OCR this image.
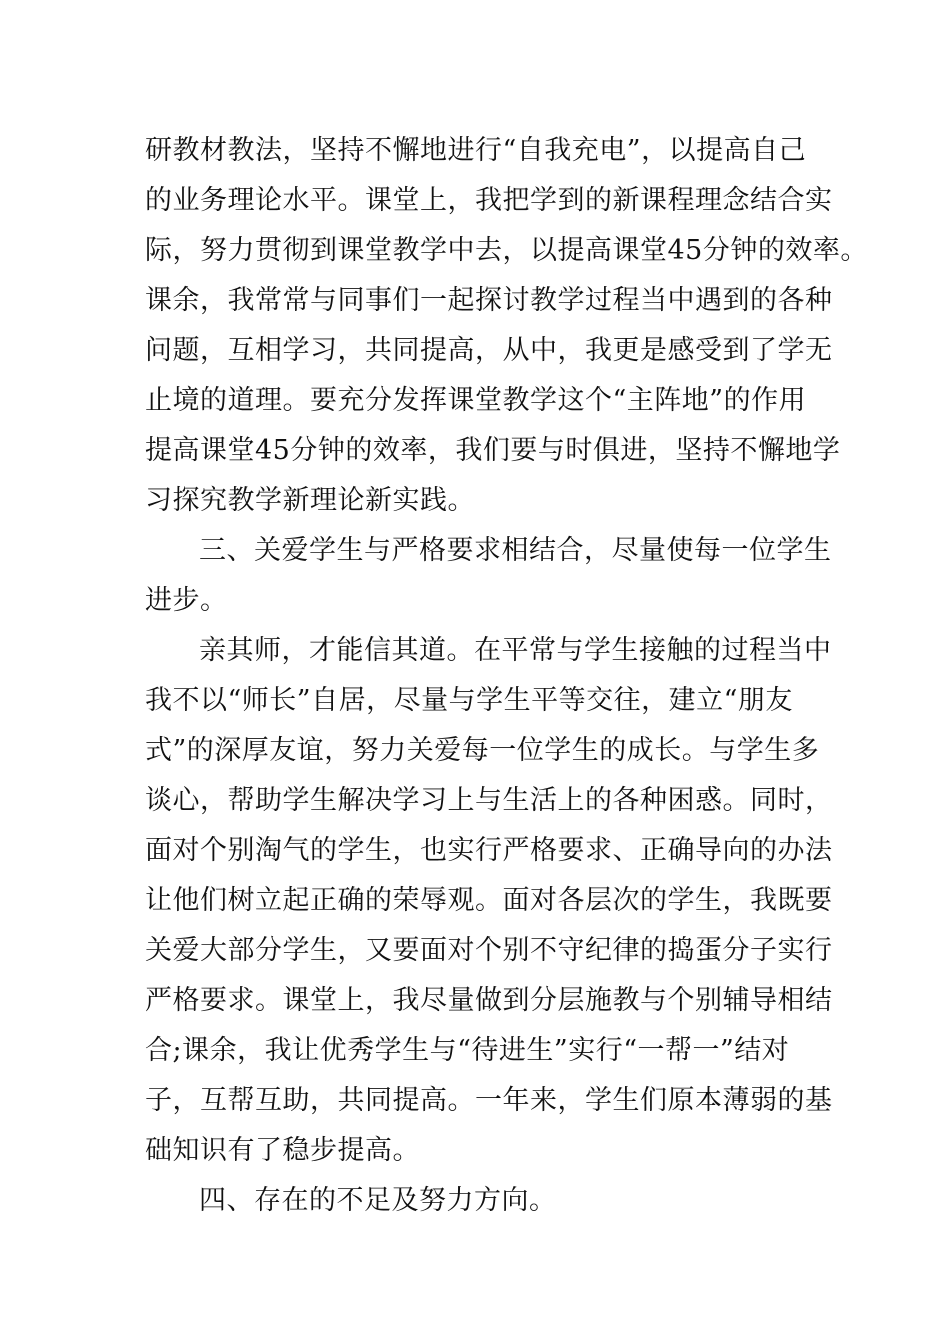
研教材教法，坚持不懈地进行“自我充电”，以提高自己
的业务理论水平。课堂上，我把学到的新课程理念结合实
际，努力贯彻到课堂教学中去，以提高课堂45分钟的效率。
课余，我常常与同事们一起探讨教学过程当中遇到的各种
问题，互相学习，共同提高，从中，我更是感受到了学无
止境的道理。要充分发挥课堂教学这个“主阵地”的作用
提高课堂45分钟的效率，我们要与时俱进，坚持不懈地学
习探究教学新理论新实践。
三、关爱学生与严格要求相结合，尽量使每一位学生
进步。
亲其师，才能信其道。在平常与学生接触的过程当中
我不以“师长”自居，尽量与学生平等交往，建立“朋友
式”的深厚友谊，努力关爱每一位学生的成长。与学生多
谈心，帮助学生解决学习上与生活上的各种困惑。同时，
面对个别淘气的学生，也实行严格要求、正确导向的办法
让他们树立起正确的荣辱观。面对各层次的学生，我既要
关爱大部分学生，又要面对个别不守纪律的捣蛋分子实行
严格要求。课堂上，我尽量做到分层施教与个别辅导相结
合;课余，我让优秀学生与“待进生”实行“一帮一”结对
子，互帮互助，共同提高。一年来，学生们原本薄弱的基
础知识有了稳步提高。
四、存在的不足及努力方向。
